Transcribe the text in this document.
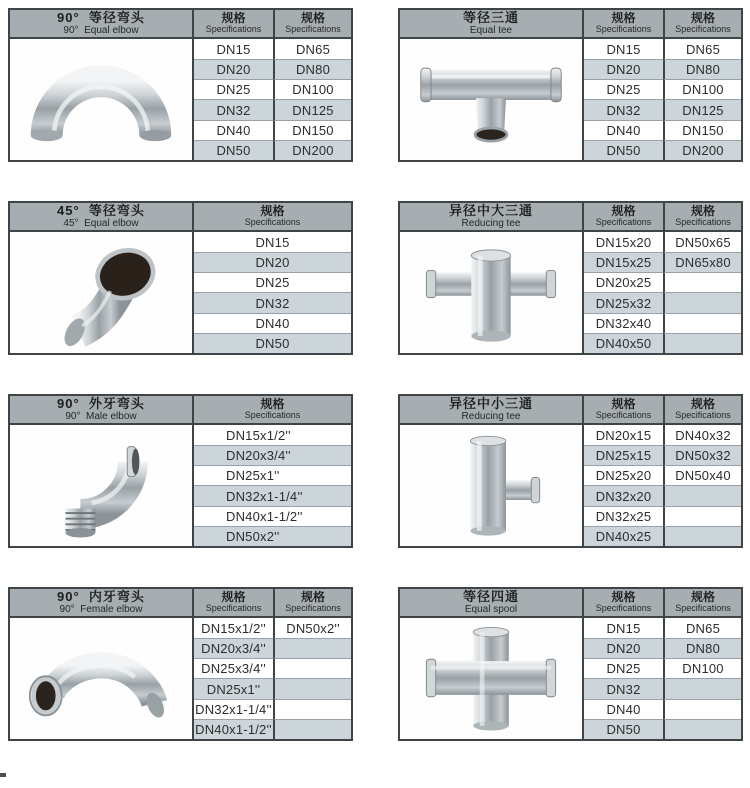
90°  等径弯头
90°  Equal elbow
规格
Specifications
规格
Specifications
DN15	DN65
DN20	DN80
DN25	DN100
DN32	DN125
DN40	DN150
DN50	DN200
等径三通
Equal tee
规格
Specifications
规格
Specifications
DN15	DN65
DN20	DN80
DN25	DN100
DN32	DN125
DN40	DN150
DN50	DN200
45°  等径弯头
45°  Equal elbow
规格
Specifications
DN15
DN20
DN25
DN32
DN40
DN50
异径中大三通
Reducing tee
规格
Specifications
规格
Specifications
DN15x20	DN50x65
DN15x25	DN65x80
DN20x25
DN25x32
DN32x40
DN40x50
90°  外牙弯头
90°  Male elbow
规格
Specifications
DN15x1/2''
DN20x3/4''
DN25x1''
DN32x1-1/4''
DN40x1-1/2''
DN50x2''
异径中小三通
Reducing tee
规格
Specifications
规格
Specifications
DN20x15	DN40x32
DN25x15	DN50x32
DN25x20	DN50x40
DN32x20
DN32x25
DN40x25
90°  内牙弯头
90°  Female elbow
规格
Specifications
规格
Specifications
DN15x1/2''	DN50x2''
DN20x3/4''
DN25x3/4''
DN25x1''
DN32x1-1/4''
DN40x1-1/2''
等径四通
Equal spool
规格
Specifications
规格
Specifications
DN15	DN65
DN20	DN80
DN25	DN100
DN32
DN40
DN50
